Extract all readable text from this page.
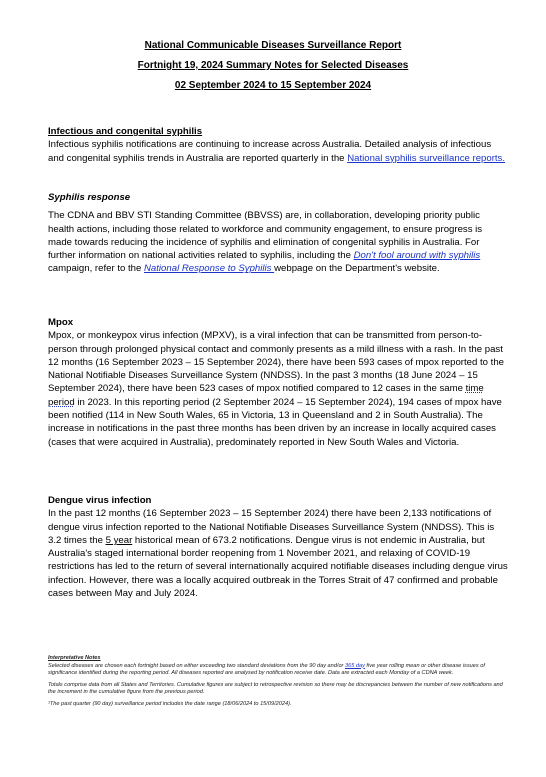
National Communicable Diseases Surveillance Report
Fortnight 19, 2024 Summary Notes for Selected Diseases
02 September 2024 to 15 September 2024

Infectious and congenital syphilis

Infectious syphilis notifications are continuing to increase across Australia. Detailed analysis of infectious and congenital syphilis trends in Australia are reported quarterly in the National syphilis surveillance reports.

Syphilis response

The CDNA and BBV STI Standing Committee (BBVSS) are, in collaboration, developing priority public health actions, including those related to workforce and community engagement, to ensure progress is made towards reducing the incidence of syphilis and elimination of congenital syphilis in Australia. For further information on national activities related to syphilis, including the Don't fool around with syphilis campaign, refer to the National Response to Syphilis webpage on the Department's website.

Mpox

Mpox, or monkeypox virus infection (MPXV), is a viral infection that can be transmitted from person-to-person through prolonged physical contact and commonly presents as a mild illness with a rash. In the past 12 months (16 September 2023 – 15 September 2024), there have been 593 cases of mpox reported to the National Notifiable Diseases Surveillance System (NNDSS). In the past 3 months (18 June 2024 – 15 September 2024), there have been 523 cases of mpox notified compared to 12 cases in the same time period in 2023. In this reporting period (2 September 2024 – 15 September 2024), 194 cases of mpox have been notified (114 in New South Wales, 65 in Victoria, 13 in Queensland and 2 in South Australia). The increase in notifications in the past three months has been driven by an increase in locally acquired cases (cases that were acquired in Australia), predominately reported in New South Wales and Victoria.

Dengue virus infection

In the past 12 months (16 September 2023 – 15 September 2024) there have been 2,133 notifications of dengue virus infection reported to the National Notifiable Diseases Surveillance System (NNDSS). This is 3.2 times the 5 year historical mean of 673.2 notifications. Dengue virus is not endemic in Australia, but Australia's staged international border reopening from 1 November 2021, and relaxing of COVID-19 restrictions has led to the return of several internationally acquired notifiable diseases including dengue virus infection. However, there was a locally acquired outbreak in the Torres Strait of 47 confirmed and probable cases between May and July 2024.

Interpretative Notes

Selected diseases are chosen each fortnight based on either exceeding two standard deviations from the 90 day and/or 365 day five year rolling mean or other disease issues of significance identified during the reporting period. All diseases reported are analysed by notification receive date. Data are extracted each Monday of a CDNA week.

Totals comprise data from all States and Territories. Cumulative figures are subject to retrospective revision so there may be discrepancies between the number of new notifications and the increment in the cumulative figure from the previous period.

¹The past quarter (90 day) surveillance period includes the date range (18/06/2024 to 15/09/2024).
